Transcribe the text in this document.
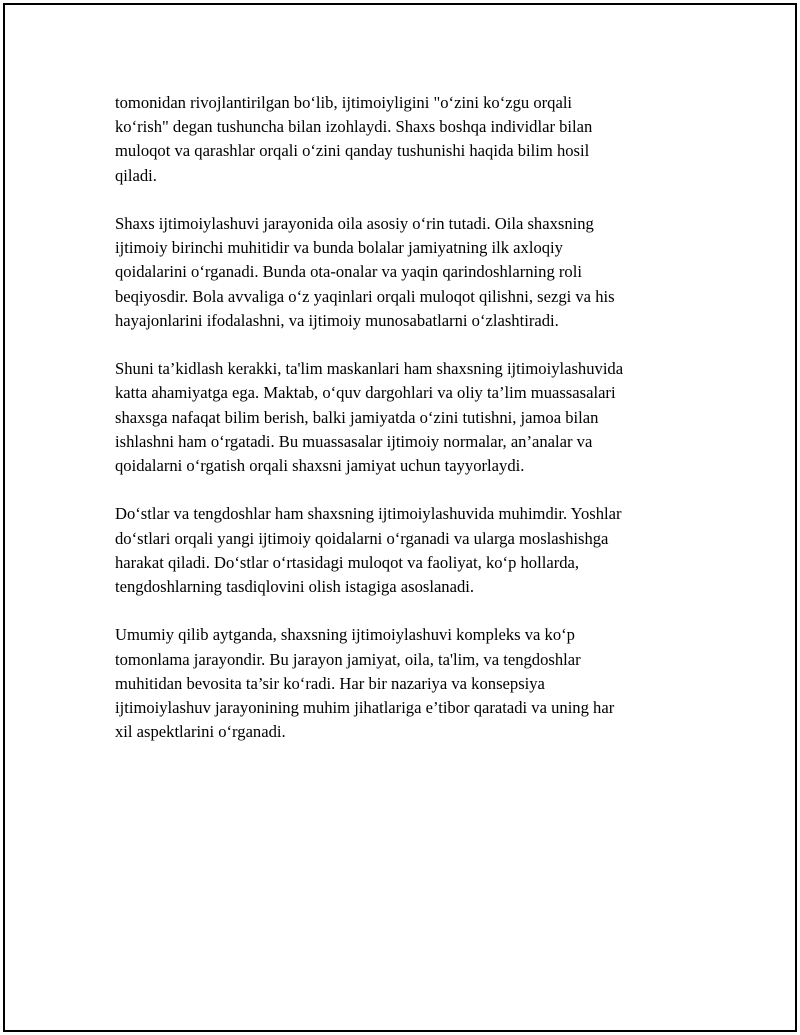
tomonidan rivojlantirilgan bo‘lib, ijtimoiyligini "o‘zini ko‘zgu orqali
ko‘rish" degan tushuncha bilan izohlaydi. Shaxs boshqa individlar bilan
muloqot va qarashlar orqali o‘zini qanday tushunishi haqida bilim hosil
qiladi.

Shaxs ijtimoiylashuvi jarayonida oila asosiy o‘rin tutadi. Oila shaxsning
ijtimoiy birinchi muhitidir va bunda bolalar jamiyatning ilk axloqiy
qoidalarini o‘rganadi. Bunda ota-onalar va yaqin qarindoshlarning roli
beqiyosdir. Bola avvaliga o‘z yaqinlari orqali muloqot qilishni, sezgi va his
hayajonlarini ifodalashni, va ijtimoiy munosabatlarni o‘zlashtiradi.

Shuni ta’kidlash kerakki, ta'lim maskanlari ham shaxsning ijtimoiylashuvida
katta ahamiyatga ega. Maktab, o‘quv dargohlari va oliy ta’lim muassasalari
shaxsga nafaqat bilim berish, balki jamiyatda o‘zini tutishni, jamoa bilan
ishlashni ham o‘rgatadi. Bu muassasalar ijtimoiy normalar, an’analar va
qoidalarni o‘rgatish orqali shaxsni jamiyat uchun tayyorlaydi.

Do‘stlar va tengdoshlar ham shaxsning ijtimoiylashuvida muhimdir. Yoshlar
do‘stlari orqali yangi ijtimoiy qoidalarni o‘rganadi va ularga moslashishga
harakat qiladi. Do‘stlar o‘rtasidagi muloqot va faoliyat, ko‘p hollarda,
tengdoshlarning tasdiqlovini olish istagiga asoslanadi.

Umumiy qilib aytganda, shaxsning ijtimoiylashuvi kompleks va ko‘p
tomonlama jarayondir. Bu jarayon jamiyat, oila, ta'lim, va tengdoshlar
muhitidan bevosita ta’sir ko‘radi. Har bir nazariya va konsepsiya
ijtimoiylashuv jarayonining muhim jihatlariga e’tibor qaratadi va uning har
xil aspektlarini o‘rganadi.
